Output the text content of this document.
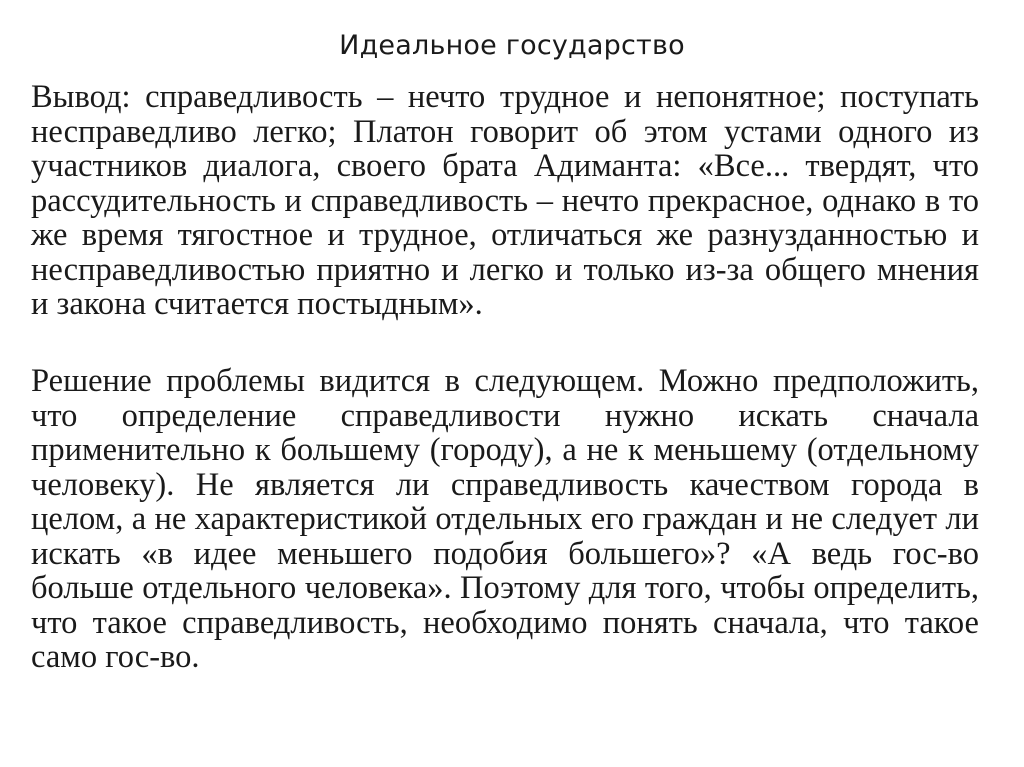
Идеальное государство

Вывод: справедливость – нечто трудное и непонятное; поступать несправедливо легко; Платон говорит об этом устами одного из участников диалога, своего брата Адиманта: «Все... твердят, что рассудительность и справедливость – нечто прекрасное, однако в то же время тягостное и трудное, отличаться же разнузданностью и несправедливостью приятно и легко и только из-за общего мнения и закона считается постыдным».

Решение проблемы видится в следующем. Можно предположить, что определение справедливости нужно искать сначала применительно к большему (городу), а не к меньшему (отдельному человеку). Не является ли справедливость качеством города в целом, а не характеристикой отдельных его граждан и не следует ли искать «в идее меньшего подобия большего»? «А ведь гос-во больше отдельного человека». Поэтому для того, чтобы определить, что такое справедливость, необходимо понять сначала, что такое само гос-во.
